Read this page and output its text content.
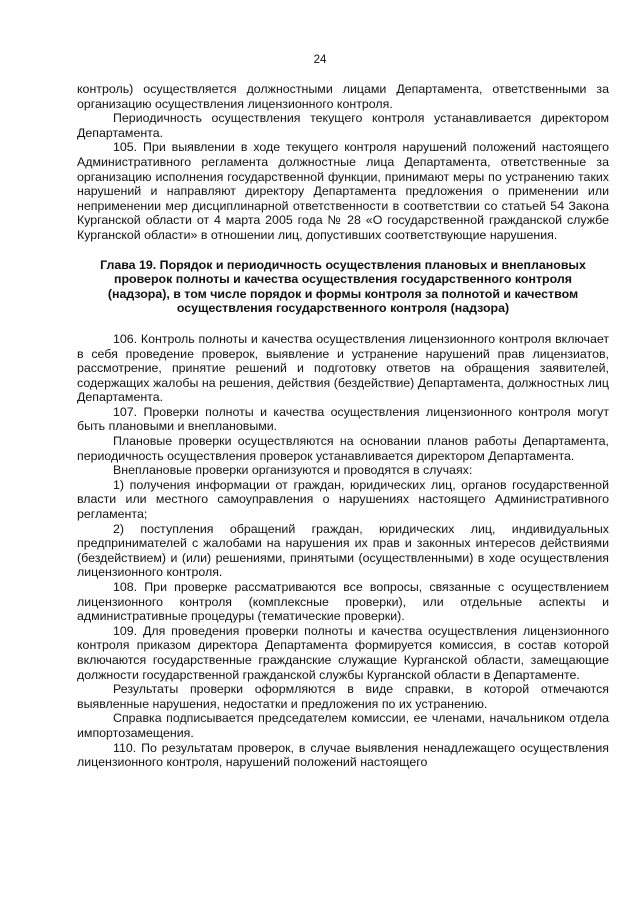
24

контроль) осуществляется должностными лицами Департамента, ответственными за организацию осуществления лицензионного контроля.

Периодичность осуществления текущего контроля устанавливается директором Департамента.

105. При выявлении в ходе текущего контроля нарушений положений настоящего Административного регламента должностные лица Департамента, ответственные за организацию исполнения государственной функции, принимают меры по устранению таких нарушений и направляют директору Департамента предложения о применении или неприменении мер дисциплинарной ответственности в соответствии со статьей 54 Закона Курганской области от 4 марта 2005 года № 28 «О государственной гражданской службе Курганской области» в отношении лиц, допустивших соответствующие нарушения.

Глава 19. Порядок и периодичность осуществления плановых и внеплановых проверок полноты и качества осуществления государственного контроля (надзора), в том числе порядок и формы контроля за полнотой и качеством осуществления государственного контроля (надзора)

106. Контроль полноты и качества осуществления лицензионного контроля включает в себя проведение проверок, выявление и устранение нарушений прав лицензиатов, рассмотрение, принятие решений и подготовку ответов на обращения заявителей, содержащих жалобы на решения, действия (бездействие) Департамента, должностных лиц Департамента.

107. Проверки полноты и качества осуществления лицензионного контроля могут быть плановыми и внеплановыми.

Плановые проверки осуществляются на основании планов работы Департамента, периодичность осуществления проверок устанавливается директором Департамента.

Внеплановые проверки организуются и проводятся в случаях:

1) получения информации от граждан, юридических лиц, органов государственной власти или местного самоуправления о нарушениях настоящего Административного регламента;

2) поступления обращений граждан, юридических лиц, индивидуальных предпринимателей с жалобами на нарушения их прав и законных интересов действиями (бездействием) и (или) решениями, принятыми (осуществленными) в ходе осуществления лицензионного контроля.

108. При проверке рассматриваются все вопросы, связанные с осуществлением лицензионного контроля (комплексные проверки), или отдельные аспекты и административные процедуры (тематические проверки).

109. Для проведения проверки полноты и качества осуществления лицензионного контроля приказом директора Департамента формируется комиссия, в состав которой включаются государственные гражданские служащие Курганской области, замещающие должности государственной гражданской службы Курганской области в Департаменте.

Результаты проверки оформляются в виде справки, в которой отмечаются выявленные нарушения, недостатки и предложения по их устранению.

Справка подписывается председателем комиссии, ее членами, начальником отдела импортозамещения.

110. По результатам проверок, в случае выявления ненадлежащего осуществления лицензионного контроля, нарушений положений настоящего
